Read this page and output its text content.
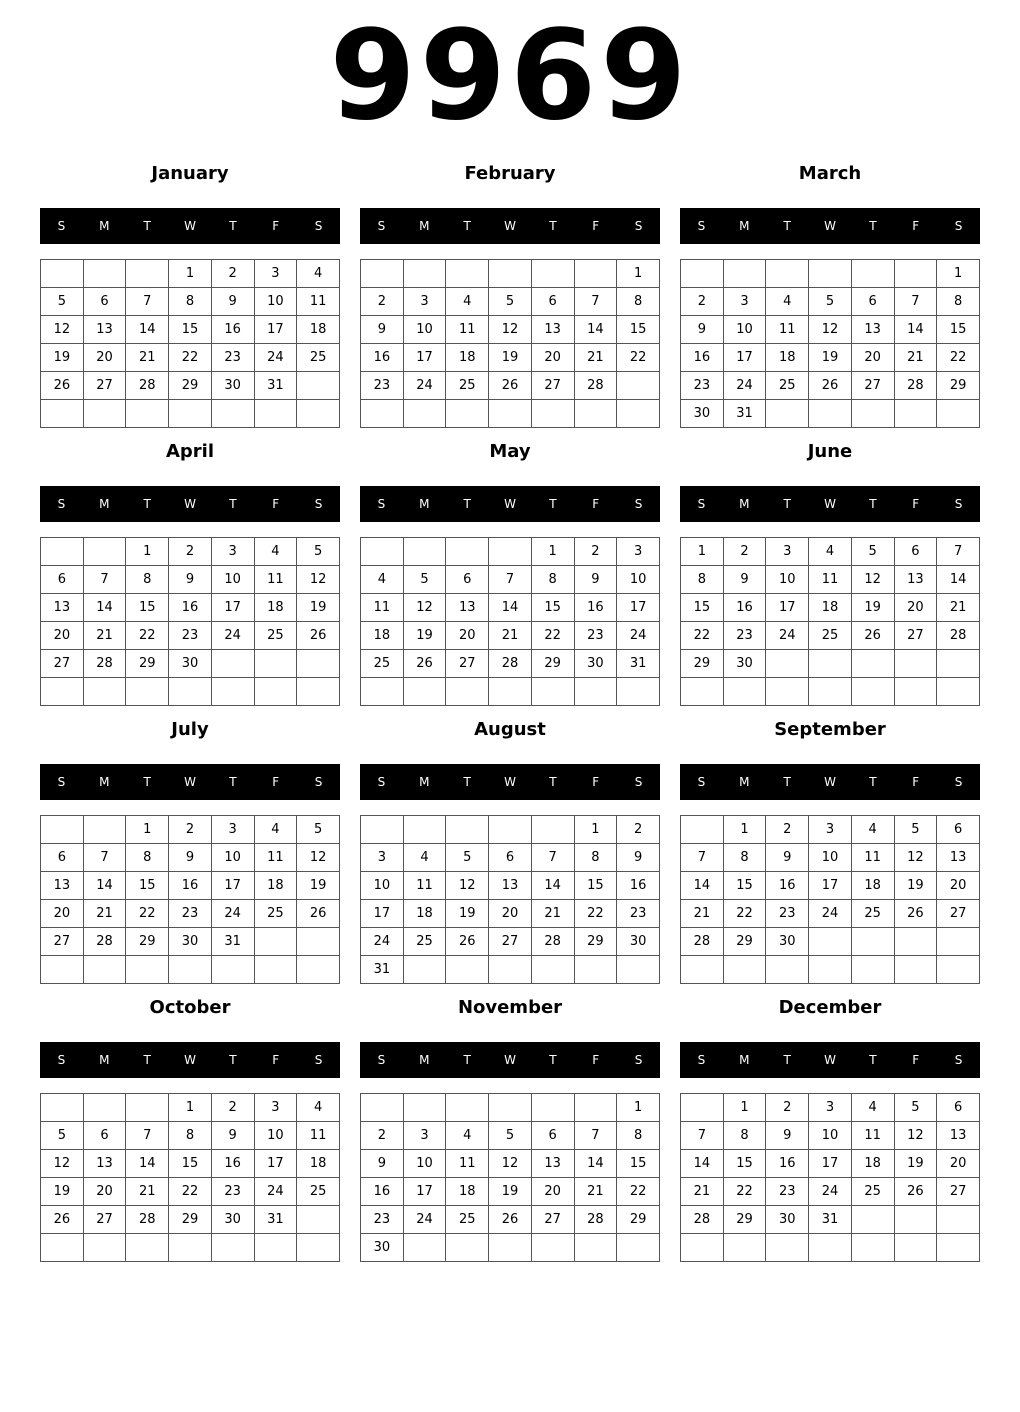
9969
January
S	M	T	W	T	F	S
			1	2	3	4
5	6	7	8	9	10	11
12	13	14	15	16	17	18
19	20	21	22	23	24	25
26	27	28	29	30	31	

February
S	M	T	W	T	F	S
						1
2	3	4	5	6	7	8
9	10	11	12	13	14	15
16	17	18	19	20	21	22
23	24	25	26	27	28	

March
S	M	T	W	T	F	S
						1
2	3	4	5	6	7	8
9	10	11	12	13	14	15
16	17	18	19	20	21	22
23	24	25	26	27	28	29
30	31					
April
S	M	T	W	T	F	S
		1	2	3	4	5
6	7	8	9	10	11	12
13	14	15	16	17	18	19
20	21	22	23	24	25	26
27	28	29	30			

May
S	M	T	W	T	F	S
				1	2	3
4	5	6	7	8	9	10
11	12	13	14	15	16	17
18	19	20	21	22	23	24
25	26	27	28	29	30	31

June
S	M	T	W	T	F	S
1	2	3	4	5	6	7
8	9	10	11	12	13	14
15	16	17	18	19	20	21
22	23	24	25	26	27	28
29	30					

July
S	M	T	W	T	F	S
		1	2	3	4	5
6	7	8	9	10	11	12
13	14	15	16	17	18	19
20	21	22	23	24	25	26
27	28	29	30	31		

August
S	M	T	W	T	F	S
					1	2
3	4	5	6	7	8	9
10	11	12	13	14	15	16
17	18	19	20	21	22	23
24	25	26	27	28	29	30
31						
September
S	M	T	W	T	F	S
	1	2	3	4	5	6
7	8	9	10	11	12	13
14	15	16	17	18	19	20
21	22	23	24	25	26	27
28	29	30				

October
S	M	T	W	T	F	S
			1	2	3	4
5	6	7	8	9	10	11
12	13	14	15	16	17	18
19	20	21	22	23	24	25
26	27	28	29	30	31	

November
S	M	T	W	T	F	S
						1
2	3	4	5	6	7	8
9	10	11	12	13	14	15
16	17	18	19	20	21	22
23	24	25	26	27	28	29
30						
December
S	M	T	W	T	F	S
	1	2	3	4	5	6
7	8	9	10	11	12	13
14	15	16	17	18	19	20
21	22	23	24	25	26	27
28	29	30	31			
